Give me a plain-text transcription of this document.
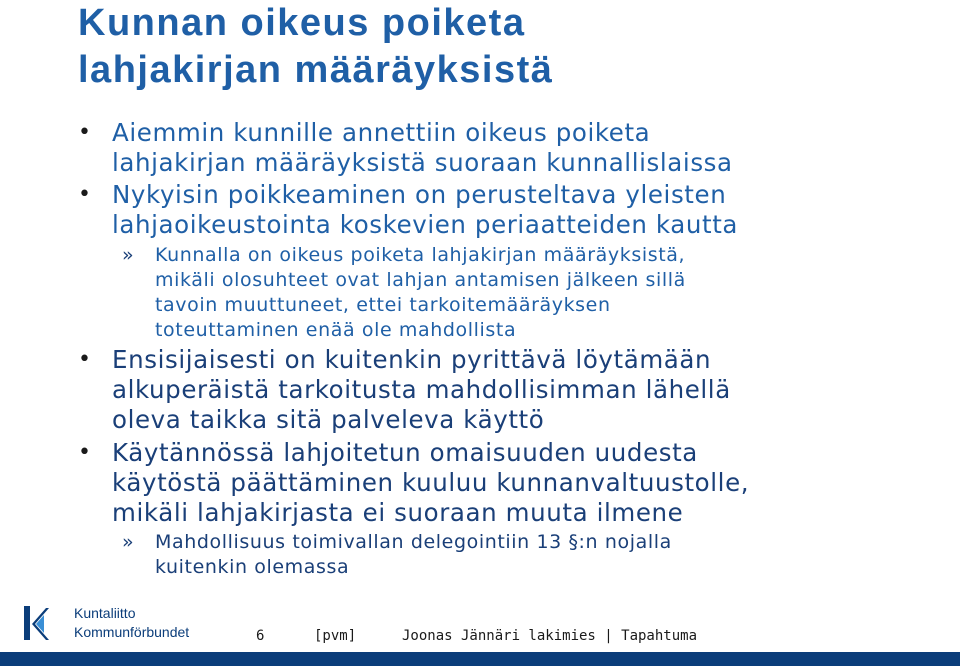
Kunnan oikeus poiketa
lahjakirjan määräyksistä
• Aiemmin kunnille annettiin oikeus poiketa
lahjakirjan määräyksistä suoraan kunnallislaissa
• Nykyisin poikkeaminen on perusteltava yleisten
lahjaoikeustointa koskevien periaatteiden kautta
» Kunnalla on oikeus poiketa lahjakirjan määräyksistä,
mikäli olosuhteet ovat lahjan antamisen jälkeen sillä
tavoin muuttuneet, ettei tarkoitemääräyksen
toteuttaminen enää ole mahdollista
• Ensisijaisesti on kuitenkin pyrittävä löytämään
alkuperäistä tarkoitusta mahdollisimman lähellä
oleva taikka sitä palveleva käyttö
• Käytännössä lahjoitetun omaisuuden uudesta
käytöstä päättäminen kuuluu kunnanvaltuustolle,
mikäli lahjakirjasta ei suoraan muuta ilmene
» Mahdollisuus toimivallan delegointiin 13 §:n nojalla
kuitenkin olemassa
Kuntaliitto
Kommunförbundet	6	[pvm]	Joonas Jännäri lakimies | Tapahtuma
